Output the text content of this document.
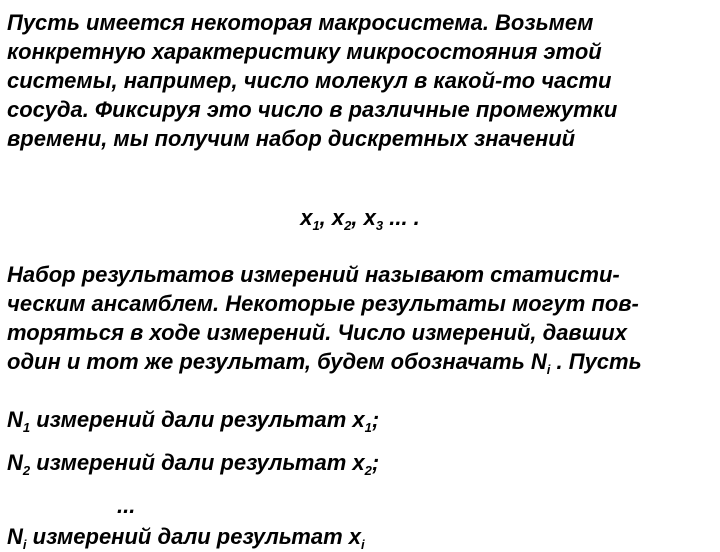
Пусть имеется некоторая макросистема. Возьмем
конкретную характеристику микросостояния этой
системы, например, число молекул в какой-то части
сосуда. Фиксируя это число в различные промежутки
времени, мы получим набор дискретных значений
$x_1$, $x_2$, $x_3$ ... .
Набор результатов измерений называют статисти-
ческим ансамблем. Некоторые результаты могут пов-
торяться в ходе измерений. Число измерений, давших
один и тот же результат, будем обозначать $N_i$ . Пусть
$N_1$ измерений дали результат $x_1$;
$N_2$ измерений дали результат $x_2$;
...
$N_i$ измерений дали результат $x_i$
